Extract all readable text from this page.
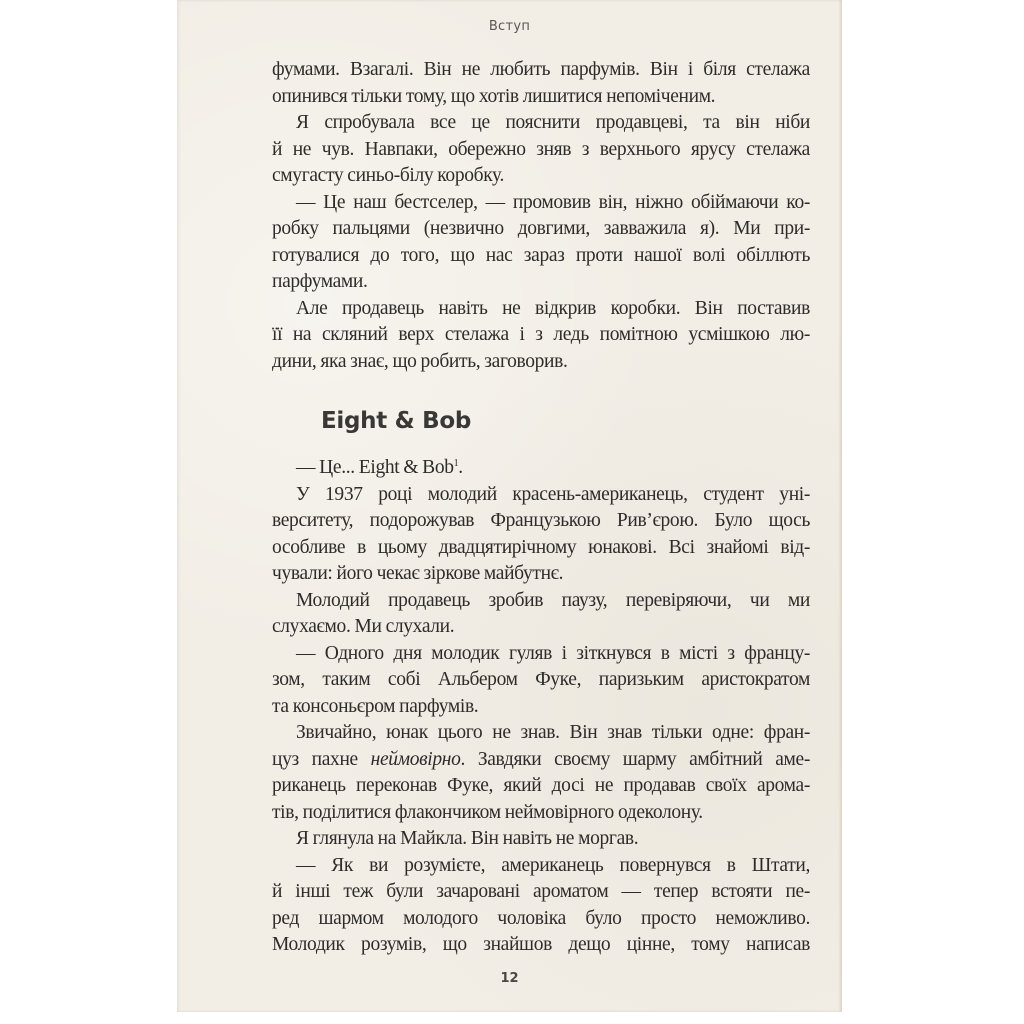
Вступ
фумами. Взагалі. Він не любить парфумів. Він і біля стелажа
опинився тільки тому, що хотів лишитися непоміченим.
Я спробувала все це пояснити продавцеві, та він ніби
й не чув. Навпаки, обережно зняв з верхнього ярусу стелажа
смугасту синьо-білу коробку.
— Це наш бестселер, — промовив він, ніжно обіймаючи ко-
робку пальцями (незвично довгими, завважила я). Ми при-
готувалися до того, що нас зараз проти нашої волі обіллють
парфумами.
Але продавець навіть не відкрив коробки. Він поставив
її на скляний верх стелажа і з ледь помітною усмішкою лю-
дини, яка знає, що робить, заговорив.
Eight & Bob
— Це... Eight & Bob$^1$.
У 1937 році молодий красень-американець, студент уні-
верситету, подорожував Французькою Рив’єрою. Було щось
особливе в цьому двадцятирічному юнакові. Всі знайомі від-
чували: його чекає зіркове майбутнє.
Молодий продавець зробив паузу, перевіряючи, чи ми
слухаємо. Ми слухали.
— Одного дня молодик гуляв і зіткнувся в місті з францу-
зом, таким собі Альбером Фуке, паризьким аристократом
та консоньєром парфумів.
Звичайно, юнак цього не знав. Він знав тільки одне: фран-
цуз пахне неймовірно. Завдяки своєму шарму амбітний аме-
риканець переконав Фуке, який досі не продавав своїх арома-
тів, поділитися флакончиком неймовірного одеколону.
Я глянула на Майкла. Він навіть не моргав.
— Як ви розумієте, американець повернувся в Штати,
й інші теж були зачаровані ароматом — тепер встояти пе-
ред шармом молодого чоловіка було просто неможливо.
Молодик розумів, що знайшов дещо цінне, тому написав
12
